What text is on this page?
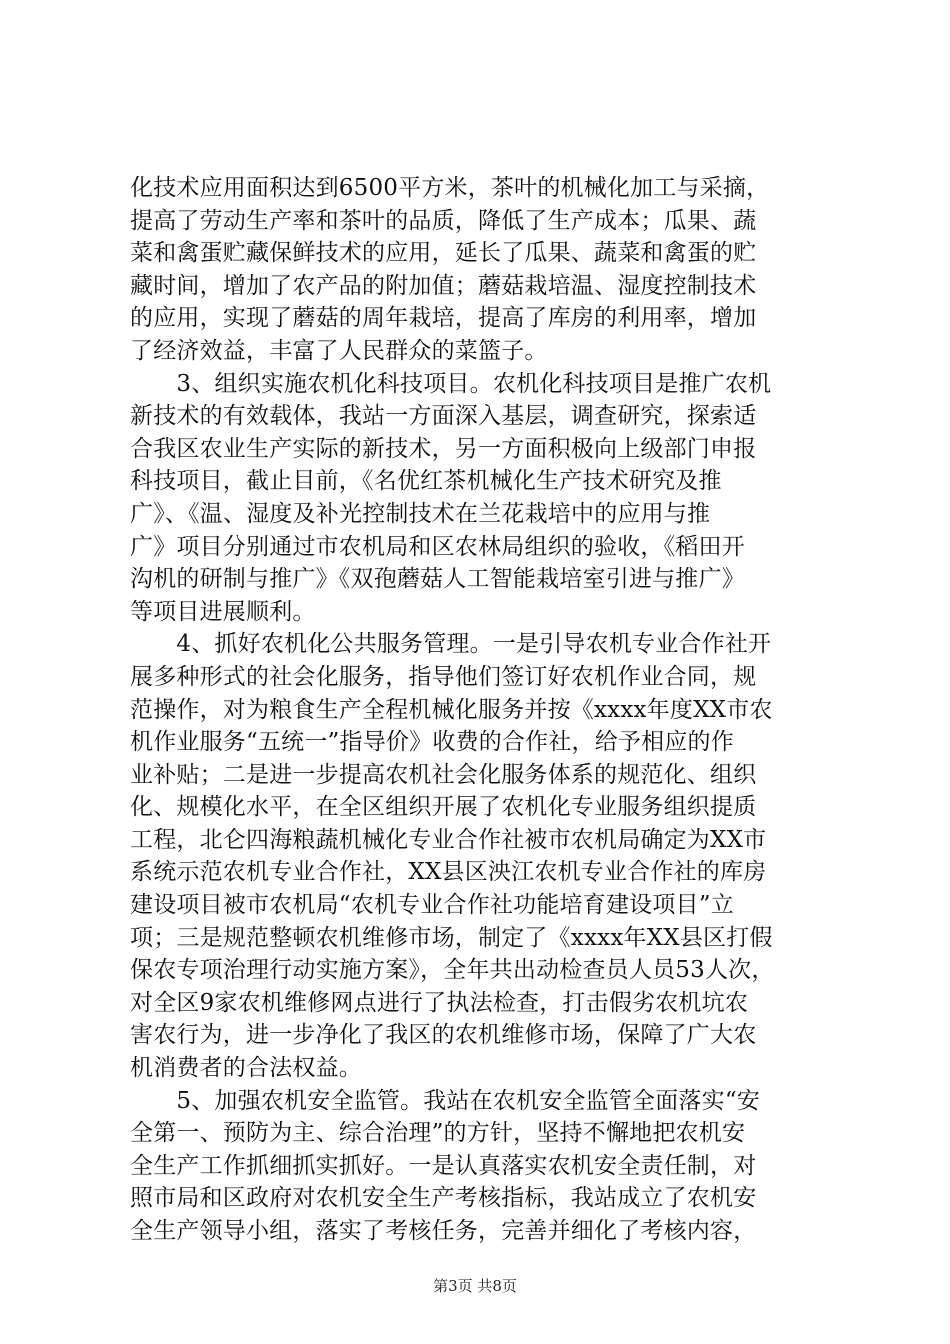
化技术应用面积达到6500平方米，茶叶的机械化加工与采摘，
提高了劳动生产率和茶叶的品质，降低了生产成本；瓜果、蔬
菜和禽蛋贮藏保鲜技术的应用，延长了瓜果、蔬菜和禽蛋的贮
藏时间，增加了农产品的附加值；蘑菇栽培温、湿度控制技术
的应用，实现了蘑菇的周年栽培，提高了库房的利用率，增加
了经济效益，丰富了人民群众的菜篮子。
　　3、组织实施农机化科技项目。农机化科技项目是推广农机
新技术的有效载体，我站一方面深入基层，调查研究，探索适
合我区农业生产实际的新技术，另一方面积极向上级部门申报
科技项目，截止目前，《名优红茶机械化生产技术研究及推
广》、《温、湿度及补光控制技术在兰花栽培中的应用与推
广》项目分别通过市农机局和区农林局组织的验收，《稻田开
沟机的研制与推广》《双孢蘑菇人工智能栽培室引进与推广》
等项目进展顺利。
　　4、抓好农机化公共服务管理。一是引导农机专业合作社开
展多种形式的社会化服务，指导他们签订好农机作业合同，规
范操作，对为粮食生产全程机械化服务并按《xxxx年度XX市农
机作业服务“五统一”指导价》收费的合作社，给予相应的作
业补贴；二是进一步提高农机社会化服务体系的规范化、组织
化、规模化水平，在全区组织开展了农机化专业服务组织提质
工程，北仑四海粮蔬机械化专业合作社被市农机局确定为XX市
系统示范农机专业合作社，XX县区泱江农机专业合作社的库房
建设项目被市农机局“农机专业合作社功能培育建设项目”立
项；三是规范整顿农机维修市场，制定了《xxxx年XX县区打假
保农专项治理行动实施方案》，全年共出动检查员人员53人次，
对全区9家农机维修网点进行了执法检查，打击假劣农机坑农
害农行为，进一步净化了我区的农机维修市场，保障了广大农
机消费者的合法权益。
　　5、加强农机安全监管。我站在农机安全监管全面落实“安
全第一、预防为主、综合治理”的方针，坚持不懈地把农机安
全生产工作抓细抓实抓好。一是认真落实农机安全责任制，对
照市局和区政府对农机安全生产考核指标，我站成立了农机安
全生产领导小组，落实了考核任务，完善并细化了考核内容，
第3页 共8页
